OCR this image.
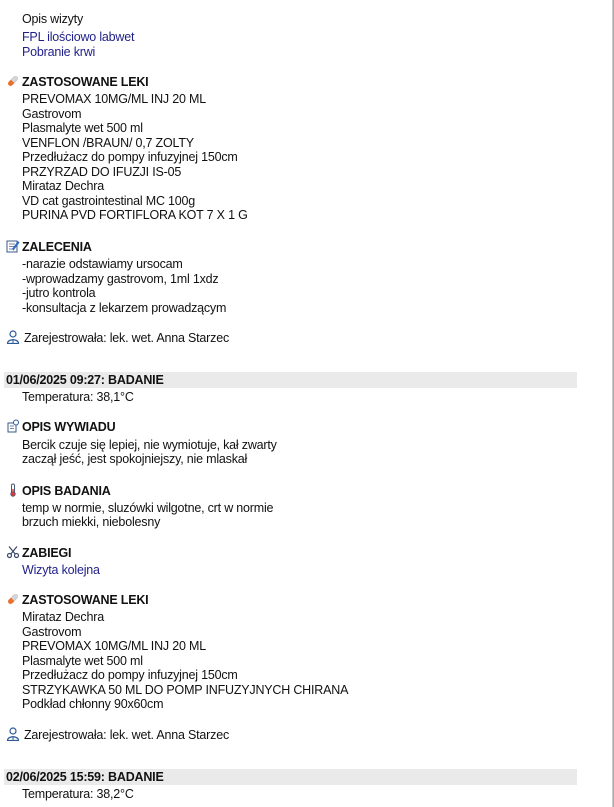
Opis wizyty
FPL ilościowo labwet
Pobranie krwi
ZASTOSOWANE LEKI
PREVOMAX 10MG/ML INJ 20 ML
Gastrovom
Plasmalyte wet 500 ml
VENFLON /BRAUN/ 0,7 ZOLTY
Przedłużacz do pompy infuzyjnej 150cm
PRZYRZAD DO IFUZJI IS-05
Mirataz Dechra
VD cat gastrointestinal MC 100g
PURINA PVD FORTIFLORA KOT 7 X 1 G
ZALECENIA
-narazie odstawiamy ursocam
-wprowadzamy gastrovom, 1ml 1xdz
-jutro kontrola
-konsultacja z lekarzem prowadzącym
Zarejestrowała: lek. wet. Anna Starzec
01/06/2025 09:27: BADANIE
Temperatura: 38,1°C
OPIS WYWIADU
Bercik czuje się lepiej, nie wymiotuje, kał zwarty
zaczął jeść, jest spokojniejszy, nie mlaskał
OPIS BADANIA
temp w normie, sluzówki wilgotne, crt w normie
brzuch miekki, niebolesny
ZABIEGI
Wizyta kolejna
ZASTOSOWANE LEKI
Mirataz Dechra
Gastrovom
PREVOMAX 10MG/ML INJ 20 ML
Plasmalyte wet 500 ml
Przedłużacz do pompy infuzyjnej 150cm
STRZYKAWKA 50 ML DO POMP INFUZYJNYCH CHIRANA
Podkład chłonny 90x60cm
Zarejestrowała: lek. wet. Anna Starzec
02/06/2025 15:59: BADANIE
Temperatura: 38,2°C
